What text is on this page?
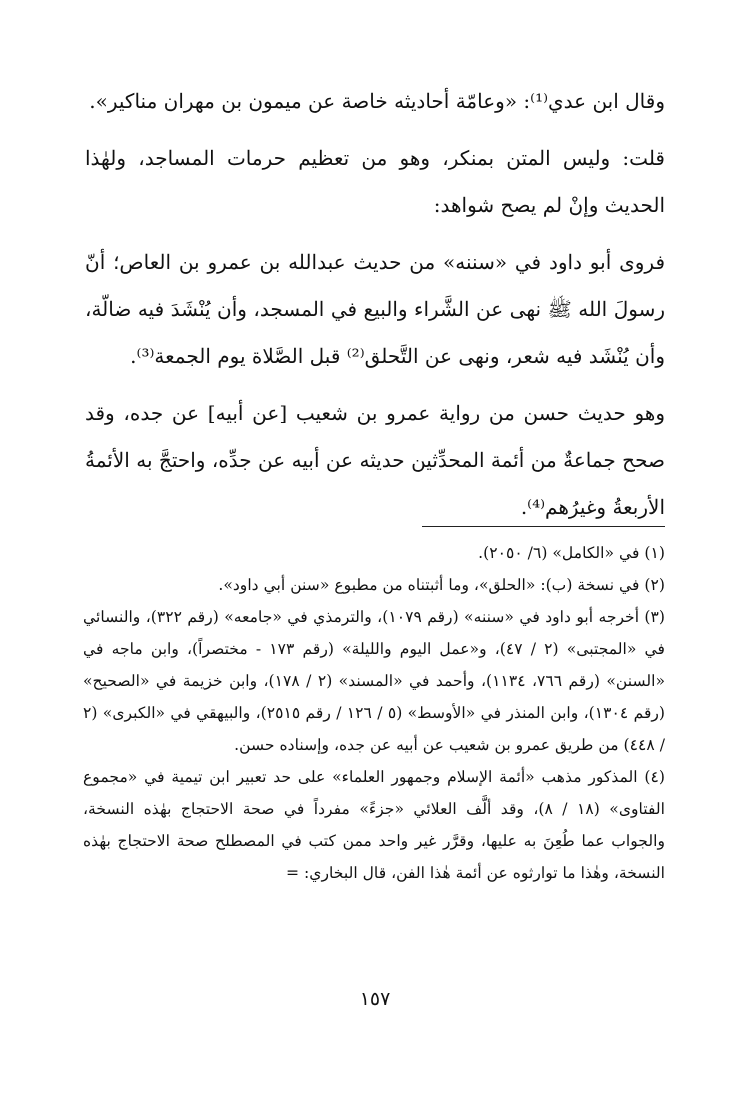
وقال ابن عدي⁽¹⁾: «وعامّة أحاديثه خاصة عن ميمون بن مهران مناكير».

قلت: وليس المتن بمنكر، وهو من تعظيم حرمات المساجد، ولهٰذا الحديث وإنْ لم يصح شواهد:

فروى أبو داود في «سننه» من حديث عبدالله بن عمرو بن العاص؛ أنّ رسولَ الله ﷺ نهى عن الشَّراء والبيع في المسجد، وأن يُنْشَدَ فيه ضالّة، وأن يُنْشَد فيه شعر، ونهى عن التَّحلق⁽²⁾ قبل الصَّلاة يوم الجمعة⁽³⁾.

وهو حديث حسن من رواية عمرو بن شعيب [عن أبيه] عن جده، وقد صحح جماعةٌ من أئمة المحدِّثين حديثه عن أبيه عن جدِّه، واحتجَّ به الأئمةُ الأربعةُ وغيرُهم⁽⁴⁾.

(١) في «الكامل» (٦/ ٢٠٥٠).

(٢) في نسخة (ب): «الحلق»، وما أثبتناه من مطبوع «سنن أبي داود».

(٣) أخرجه أبو داود في «سننه» (رقم ١٠٧٩)، والترمذي في «جامعه» (رقم ٣٢٢)، والنسائي في «المجتبى» (٢ / ٤٧)، و«عمل اليوم والليلة» (رقم ١٧٣ - مختصراً)، وابن ماجه في «السنن» (رقم ٧٦٦، ١١٣٤)، وأحمد في «المسند» (٢ / ١٧٨)، وابن خزيمة في «الصحيح» (رقم ١٣٠٤)، وابن المنذر في «الأوسط» (٥ / ١٢٦ / رقم ٢٥١٥)، والبيهقي في «الكبرى» (٢ / ٤٤٨) من طريق عمرو بن شعيب عن أبيه عن جده، وإسناده حسن.

(٤) المذكور مذهب «أئمة الإسلام وجمهور العلماء» على حد تعبير ابن تيمية في «مجموع الفتاوى» (١٨ / ٨)، وقد ألَّف العلائي «جزءً» مفرداً في صحة الاحتجاج بهٰذه النسخة، والجواب عما طُعِنَ به عليها، وقرَّر غير واحد ممن كتب في المصطلح صحة الاحتجاج بهٰذه النسخة، وهٰذا ما توارثوه عن أئمة هٰذا الفن، قال البخاري: =

١٥٧
